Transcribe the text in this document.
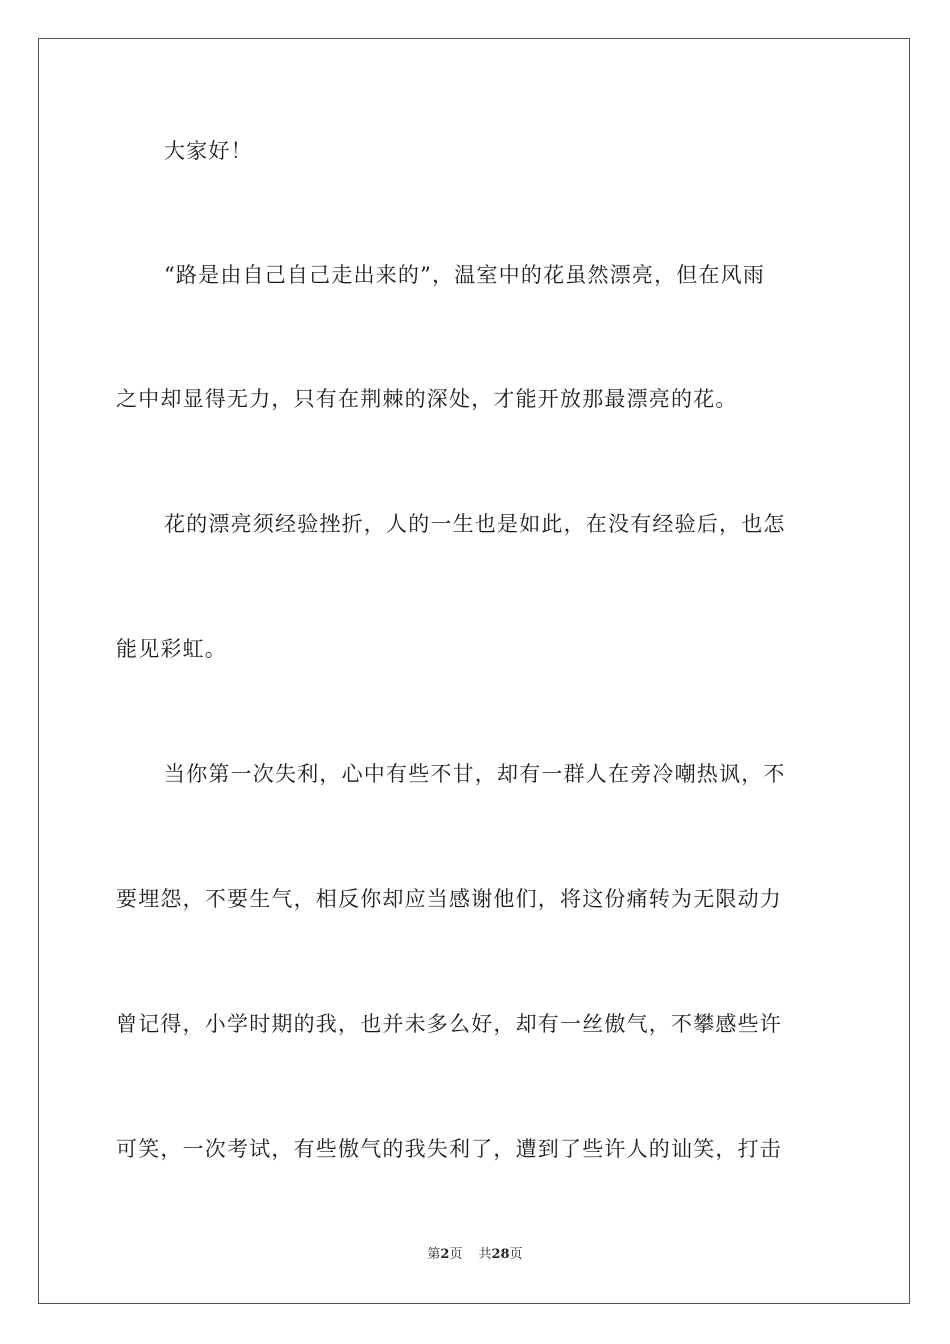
大家好！
“路是由自己自己走出来的”，温室中的花虽然漂亮，但在风雨
之中却显得无力，只有在荆棘的深处，才能开放那最漂亮的花。
花的漂亮须经验挫折，人的一生也是如此，在没有经验后，也怎
能见彩虹。
当你第一次失利，心中有些不甘，却有一群人在旁冷嘲热讽，不
要埋怨，不要生气，相反你却应当感谢他们，将这份痛转为无限动力
曾记得，小学时期的我，也并未多么好，却有一丝傲气，不攀感些许
可笑，一次考试，有些傲气的我失利了，遭到了些许人的讪笑，打击
第2页 共28页
